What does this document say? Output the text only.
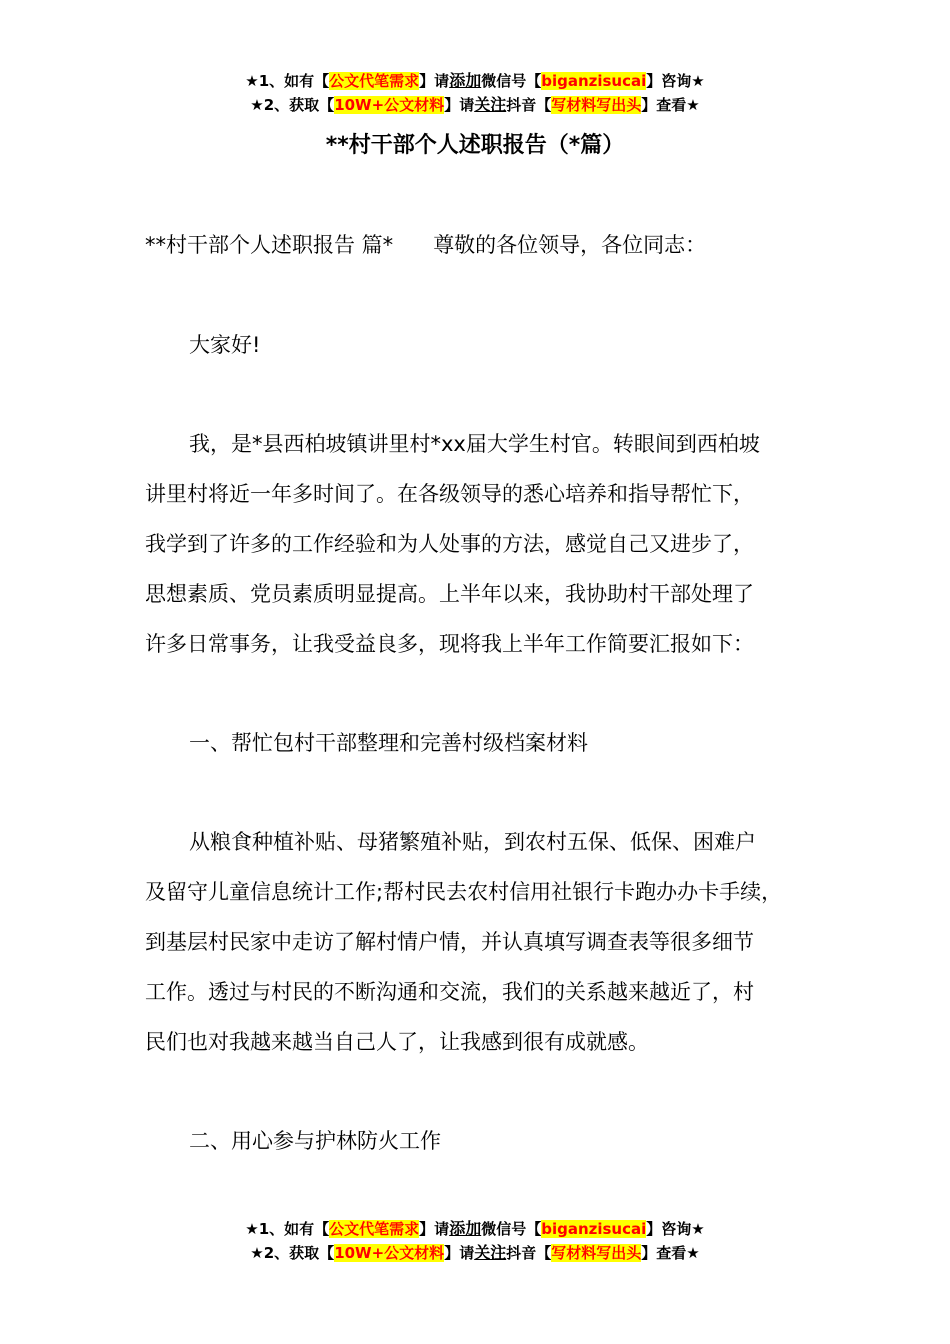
★1、如有【公文代笔需求】请添加微信号【biganzisucai】咨询★
★2、获取【10W+公文材料】请关注抖音【写材料写出头】查看★
**村干部个人述职报告（*篇）
**村干部个人述职报告 篇* 尊敬的各位领导，各位同志：
大家好!
我，是*县西柏坡镇讲里村*xx届大学生村官。转眼间到西柏坡
讲里村将近一年多时间了。在各级领导的悉心培养和指导帮忙下，
我学到了许多的工作经验和为人处事的方法，感觉自己又进步了，
思想素质、党员素质明显提高。上半年以来，我协助村干部处理了
许多日常事务，让我受益良多，现将我上半年工作简要汇报如下：
一、帮忙包村干部整理和完善村级档案材料
从粮食种植补贴、母猪繁殖补贴，到农村五保、低保、困难户
及留守儿童信息统计工作;帮村民去农村信用社银行卡跑办办卡手续，
到基层村民家中走访了解村情户情，并认真填写调查表等很多细节
工作。透过与村民的不断沟通和交流，我们的关系越来越近了，村
民们也对我越来越当自己人了，让我感到很有成就感。
二、用心参与护林防火工作
★1、如有【公文代笔需求】请添加微信号【biganzisucai】咨询★
★2、获取【10W+公文材料】请关注抖音【写材料写出头】查看★
